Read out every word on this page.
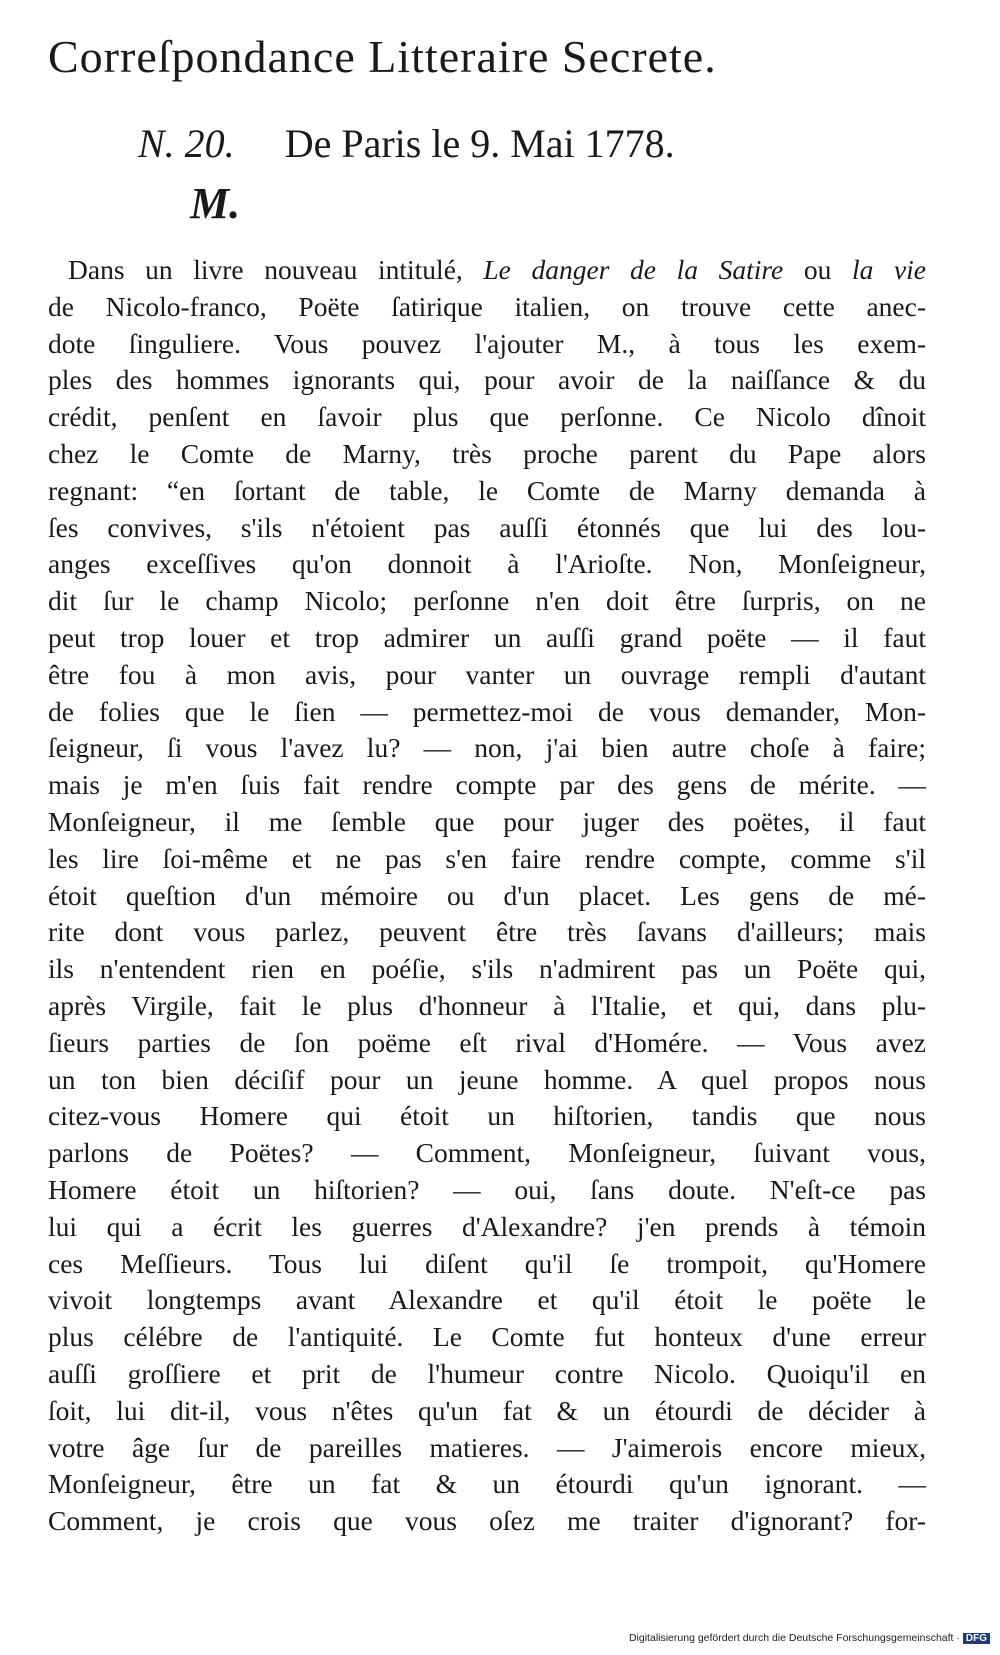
Correſpondance Litteraire Secrete.
N. 20. De Paris le 9. Mai 1778.
M.
Dans un livre nouveau intitulé, Le danger de la Satire ou la vie
de Nicolo-franco, Poëte ſatirique italien, on trouve cette anec-
dote ſinguliere. Vous pouvez l'ajouter M., à tous les exem-
ples des hommes ignorants qui, pour avoir de la naiſſance & du
crédit, penſent en ſavoir plus que perſonne. Ce Nicolo dînoit
chez le Comte de Marny, très proche parent du Pape alors
regnant: “en ſortant de table, le Comte de Marny demanda à
ſes convives, s'ils n'étoient pas auſſi étonnés que lui des lou-
anges exceſſives qu'on donnoit à l'Arioſte. Non, Monſeigneur,
dit ſur le champ Nicolo; perſonne n'en doit être ſurpris, on ne
peut trop louer et trop admirer un auſſi grand poëte — il faut
être fou à mon avis, pour vanter un ouvrage rempli d'autant
de folies que le ſien — permettez-moi de vous demander, Mon-
ſeigneur, ſi vous l'avez lu? — non, j'ai bien autre choſe à faire;
mais je m'en ſuis fait rendre compte par des gens de mérite. —
Monſeigneur, il me ſemble que pour juger des poëtes, il faut
les lire ſoi-même et ne pas s'en faire rendre compte, comme s'il
étoit queſtion d'un mémoire ou d'un placet. Les gens de mé-
rite dont vous parlez, peuvent être très ſavans d'ailleurs; mais
ils n'entendent rien en poéſie, s'ils n'admirent pas un Poëte qui,
après Virgile, fait le plus d'honneur à l'Italie, et qui, dans plu-
ſieurs parties de ſon poëme eſt rival d'Homére. — Vous avez
un ton bien déciſif pour un jeune homme. A quel propos nous
citez-vous Homere qui étoit un hiſtorien, tandis que nous
parlons de Poëtes? — Comment, Monſeigneur, ſuivant vous,
Homere étoit un hiſtorien? — oui, ſans doute. N'eſt-ce pas
lui qui a écrit les guerres d'Alexandre? j'en prends à témoin
ces Meſſieurs. Tous lui diſent qu'il ſe trompoit, qu'Homere
vivoit longtemps avant Alexandre et qu'il étoit le poëte le
plus célébre de l'antiquité. Le Comte fut honteux d'une erreur
auſſi groſſiere et prit de l'humeur contre Nicolo. Quoiqu'il en
ſoit, lui dit-il, vous n'êtes qu'un fat & un étourdi de décider à
votre âge ſur de pareilles matieres. — J'aimerois encore mieux,
Monſeigneur, être un fat & un étourdi qu'un ignorant. —
Comment, je crois que vous oſez me traiter d'ignorant? for-
Digitalisierung gefördert durch die Deutsche Forschungsgemeinschaft · DFG
